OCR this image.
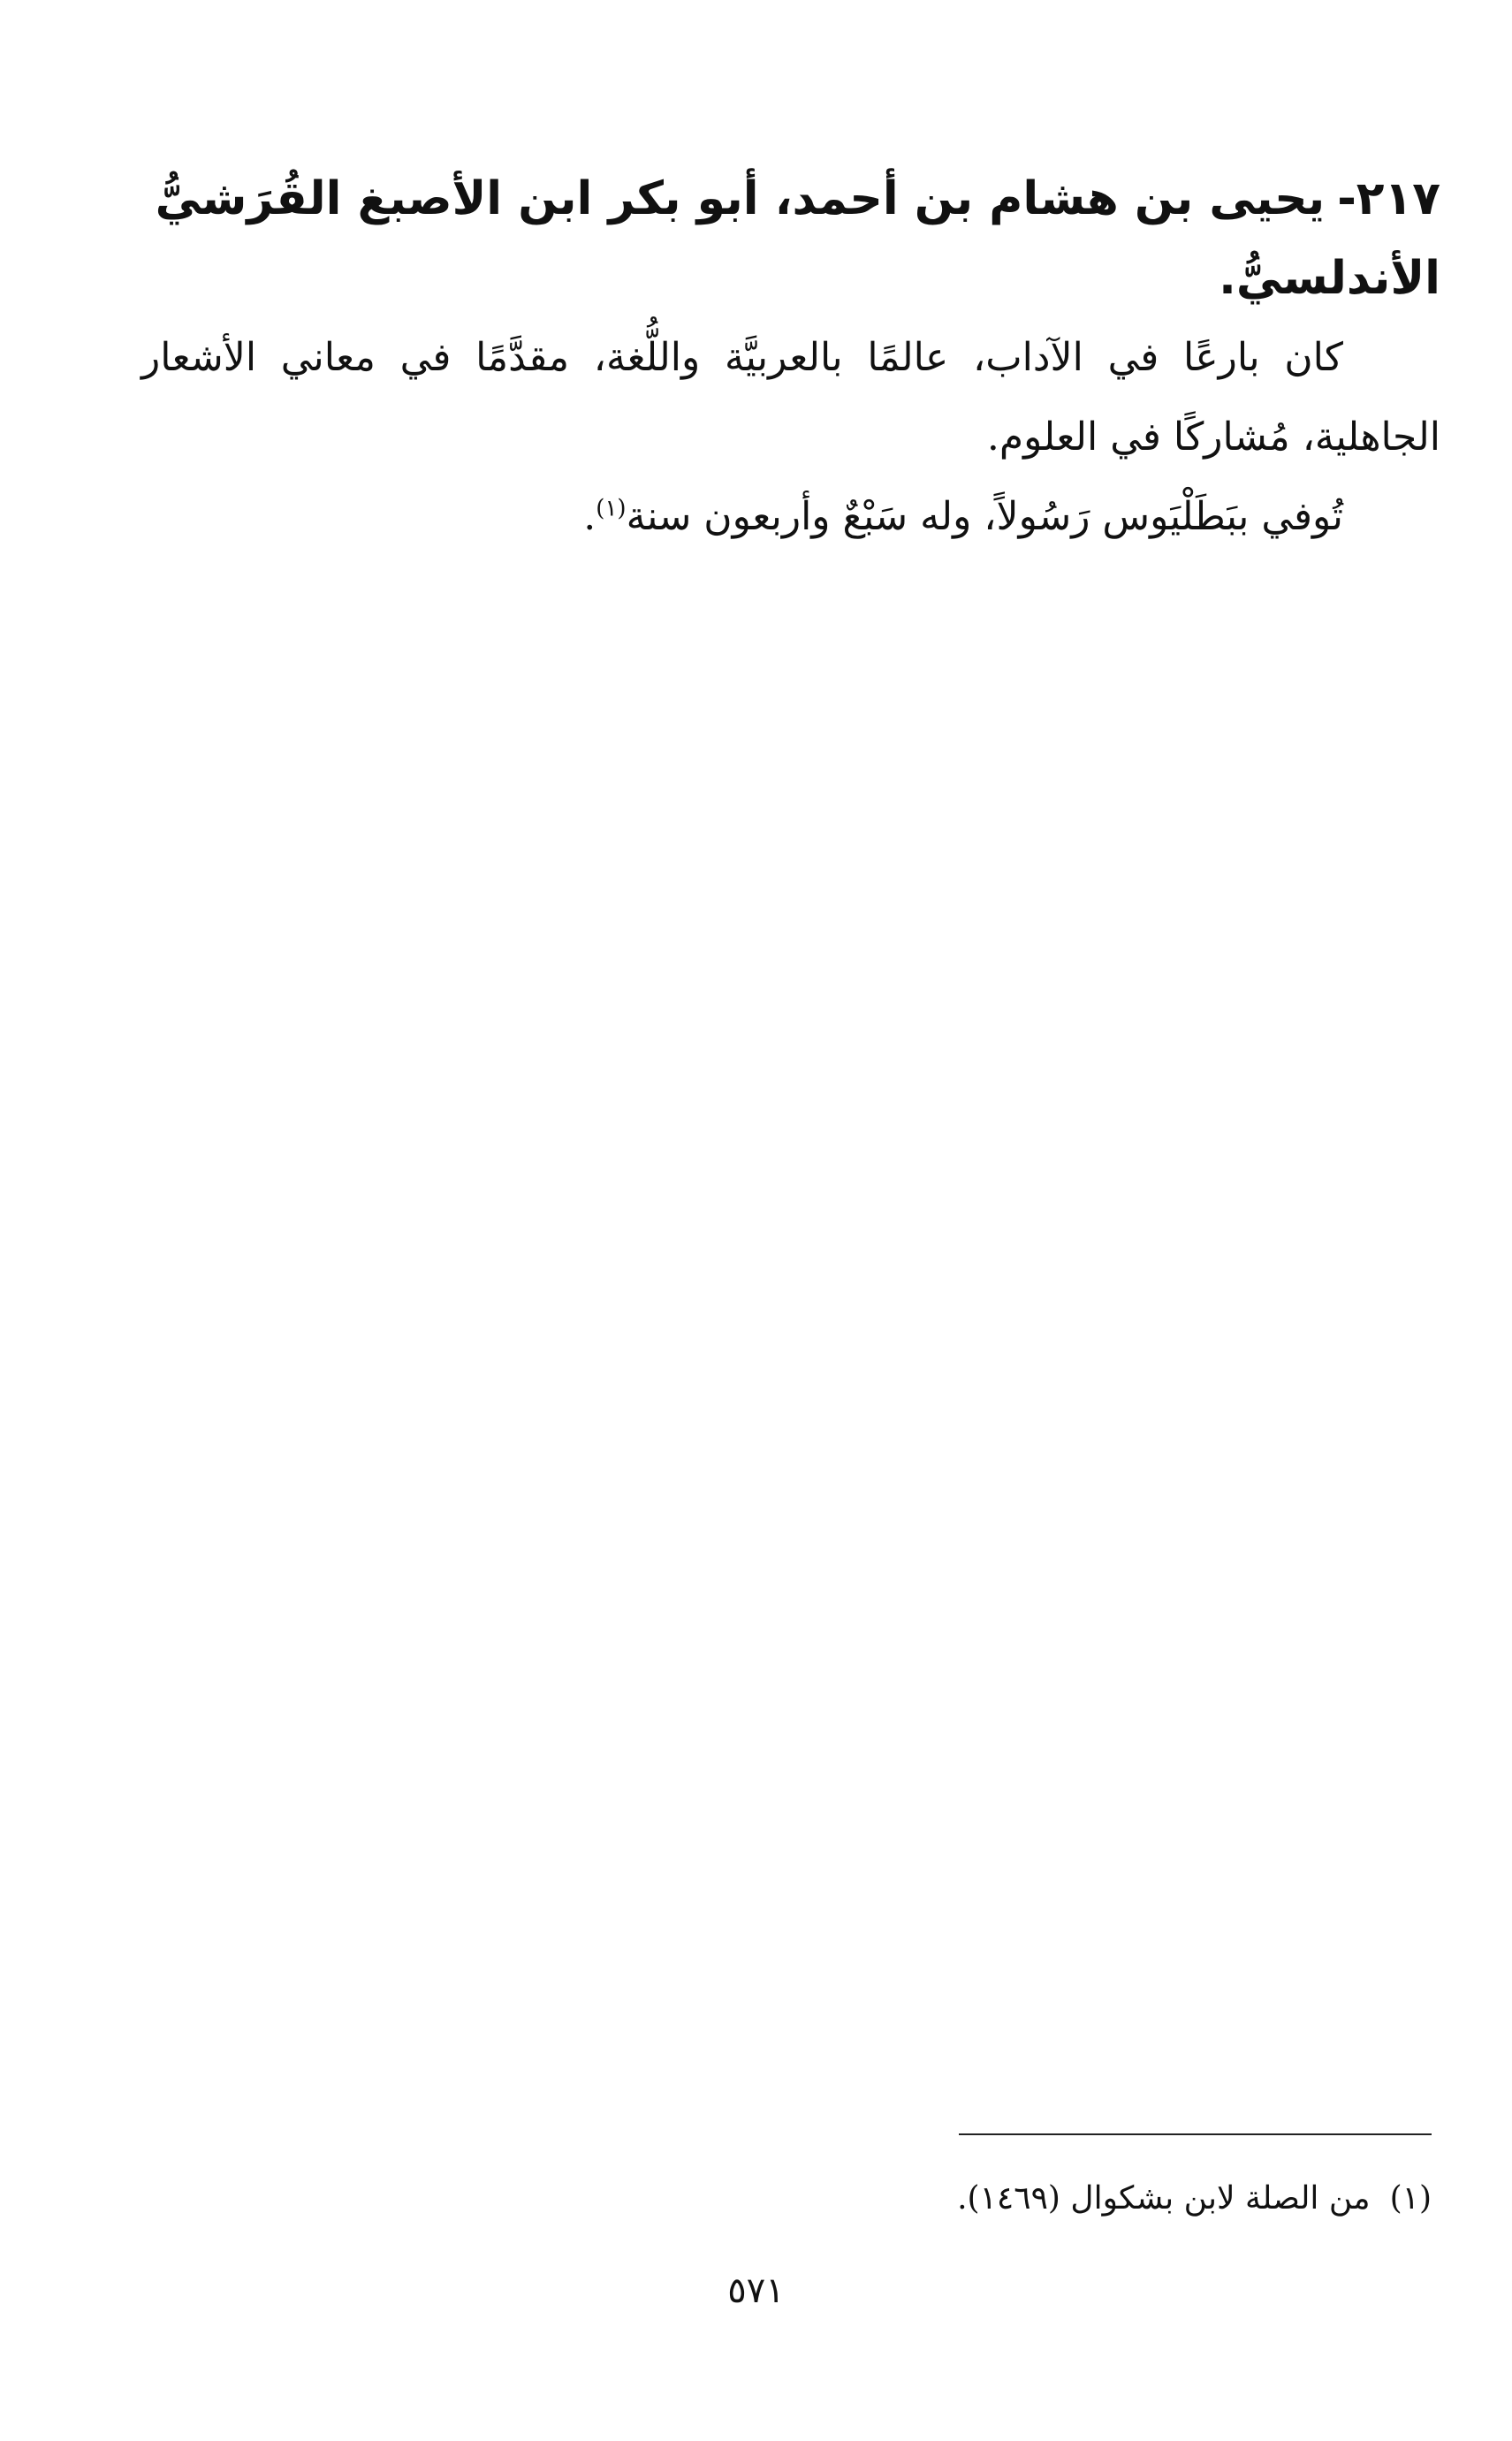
٢١٧-يحيى بن هشام بن أحمد، أبو بكر ابن الأصبغ القُرَشيُّ

الأندلسيُّ.

كان بارعًا في الآداب، عالمًا بالعربيَّة واللُّغة، مقدَّمًا في معاني الأشعار الجاهلية، مُشاركًا في العلوم.

تُوفي ببَطَلْيَوس رَسُولاً، وله سَبْعٌ وأربعون سنة$^{(١)}$.

(١)من الصلة لابن بشكوال (١٤٦٩).
٥٧١
